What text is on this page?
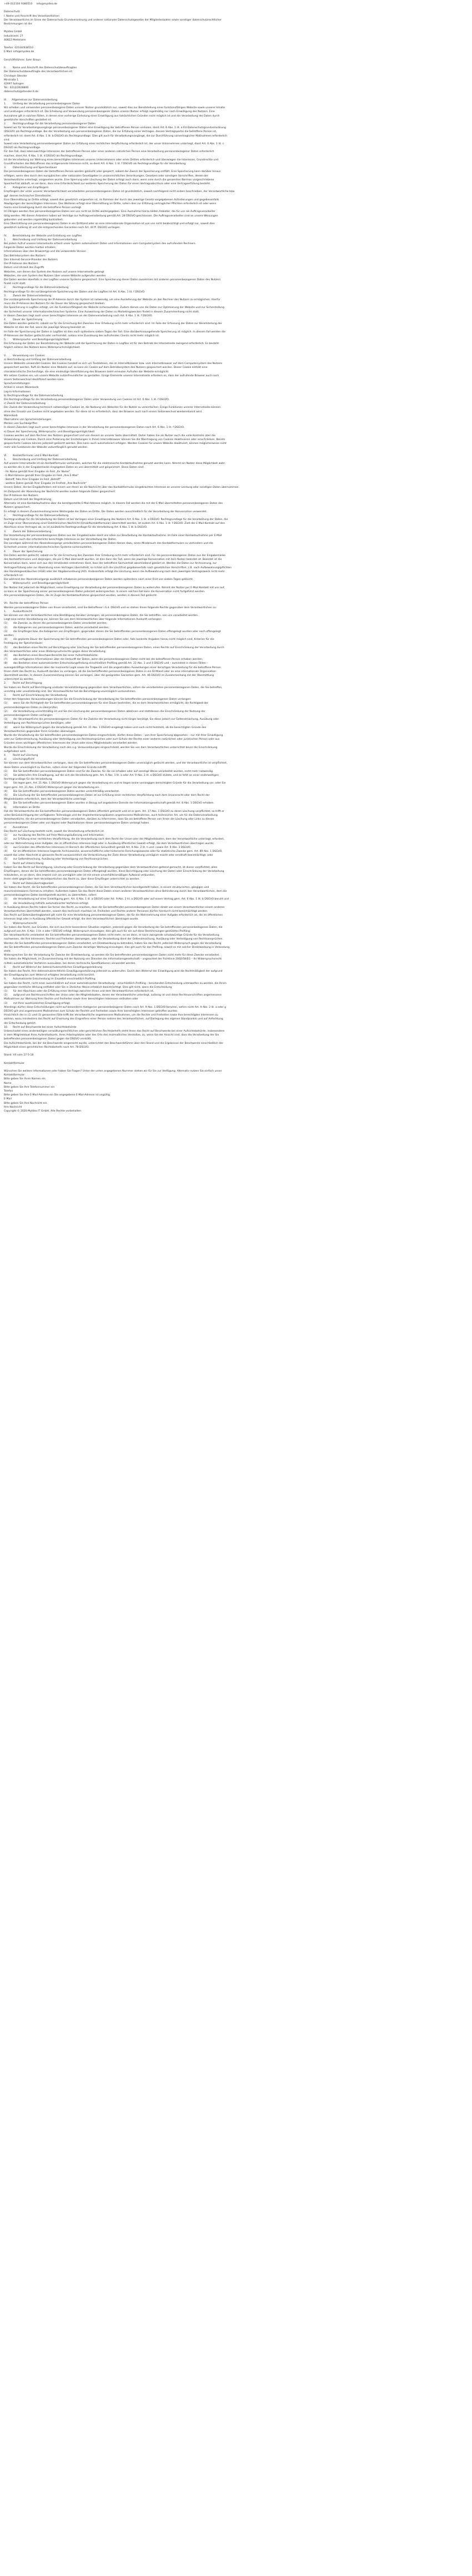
+49 (0)2104 9380510     info@myidea.de
Datenschutz
I. Name und Anschrift des Verantwortlichen
Der Verantwortliche im Sinne der Datenschutz-Grundverordnung und anderer nationaler Datenschutzgesetze der Mitgliedsstaaten sowie sonstiger datenschutzrechtlicher
Bestimmungen ist die:
MyIdea GmbH
Industriestr. 27
40822 Mettmann
Telefon: 02104/938510
E-Mail: info@myidea.de
Geschäftsführer: Sven Braun
II.        Name und Anschrift des Datenschutzbeauftragten
Der Datenschutzbeauftragte des Verantwortlichen ist:
Christoph Stender
Mirstraße 1
42697 Solingen
Tel.: 0212/2628800
datenschutz@stender-it.de
III.      Allgemeines zur Datenverarbeitung
1.        Umfang der Verarbeitung personenbezogener Daten
Wir erheben und verwenden personenbezogene Daten unserer Nutzer grundsätzlich nur, soweit dies zur Bereitstellung einer funktionsfähigen Website sowie unserer Inhalte
und Leistungen erforderlich ist. Die Erhebung und Verwendung personenbezogener Daten unserer Nutzer erfolgt regelmäßig nur nach Einwilligung des Nutzers. Eine
Ausnahme gilt in solchen Fällen, in denen eine vorherige Einholung einer Einwilligung aus tatsächlichen Gründen nicht möglich ist und die Verarbeitung der Daten durch
gesetzliche Vorschriften gestattet ist.
2.        Rechtsgrundlage für die Verarbeitung personenbezogener Daten
Soweit wir für Verarbeitungsvorgänge personenbezogener Daten eine Einwilligung der betroffenen Person einholen, dient Art. 6 Abs. 1 lit. a EU-Datenschutzgrundverordnung
(DSGVO) als Rechtsgrundlage. Bei der Verarbeitung von personenbezogenen Daten, die zur Erfüllung eines Vertrages, dessen Vertragspartei die betroffene Person ist,
erforderlich ist, dient Art. 6 Abs. 1 lit. b DSGVO als Rechtsgrundlage. Dies gilt auch für Verarbeitungsvorgänge, die zur Durchführung vorvertraglicher Maßnahmen erforderlich
sind.
Soweit eine Verarbeitung personenbezogener Daten zur Erfüllung einer rechtlichen Verpflichtung erforderlich ist, der unser Unternehmen unterliegt, dient Art. 6 Abs. 1 lit. c
DSGVO als Rechtsgrundlage.
Für den Fall, dass lebenswichtige Interessen der betroffenen Person oder einer anderen natürlichen Person eine Verarbeitung personenbezogener Daten erforderlich
machen, dient Art. 6 Abs. 1 lit. d DSGVO als Rechtsgrundlage.
Ist die Verarbeitung zur Wahrung eines berechtigten Interesses unseres Unternehmens oder eines Dritten erforderlich und überwiegen die Interessen, Grundrechte und
Grundfreiheiten des Betroffenen das erstgenannte Interesse nicht, so dient Art. 6 Abs. 1 lit. f DSGVO als Rechtsgrundlage für die Verarbeitung.
3.        Datenlöschung und Speicherdauer
Die personenbezogenen Daten der betroffenen Person werden gelöscht oder gesperrt, sobald der Zweck der Speicherung entfällt. Eine Speicherung kann darüber hinaus
erfolgen, wenn dies durch den europäischen oder nationalen Gesetzgeber in unionsrechtlichen Verordnungen, Gesetzen oder sonstigen Vorschriften, denen der
Verantwortliche unterliegt, vorgesehen wurde. Eine Sperrung oder Löschung der Daten erfolgt auch dann, wenn eine durch die genannten Normen vorgeschriebene
Speicherfrist abläuft, es sei denn, dass eine Erforderlichkeit zur weiteren Speicherung der Daten für einen Vertragsabschluss oder eine Vertragserfüllung besteht.
4.        Kategorien von Empfängern
Empfängern der unter unserer Verantwortlichkeit verarbeiteten personenbezogenen Daten ist grundsätzlich, soweit nachfolgend nicht anders beschrieben, der Verantwortliche bzw.
ggf. dessen technischer Dienstleister.
Eine Übermittlung an Dritte erfolgt, soweit dies gesetzlich vorgesehen ist, im Rahmen der durch das jeweilige Gesetz vorgegebenen Anforderungen und gegebenenfalls
Abwägungen der berechtigten Interessen. Des Weiteren erfolgt eine Übermittlung an Dritte, sofern dies zur Erfüllung vertraglicher Pflichten erforderlich ist oder wenn
hierzu eine Einwilligung durch die betroffene Person vorliegt.
Im Übrigen werden Ihre personenbezogenen Daten von uns nicht an Dritte weitergegeben. Eine Ausnahme hierzu bilden Anbieter, die für uns als Auftragsverarbeiter
tätig werden. Mit diesen Anbietern haben wir Verträge zur Auftragsverarbeitung gemäß Art. 28 DSGVO geschlossen. Die Auftragsverarbeiter sind an unsere Weisungen
gebunden und werden regelmäßig kontrolliert.
Eine Übermittlung von personenbezogenen Daten in ein Drittland oder an eine internationale Organisation ist von uns nicht beabsichtigt und erfolgt nur, soweit dies
gesetzlich zulässig ist und die entsprechenden Garantien nach Art. 44 ff. DSGVO vorliegen.
IV.       Bereitstellung der Website und Erstellung von Logfiles
1.        Beschreibung und Umfang der Datenverarbeitung
Bei jedem Aufruf unserer Internetseite erfasst unser System automatisiert Daten und Informationen vom Computersystem des aufrufenden Rechners.
Folgende Daten werden hierbei erhoben:
Informationen über den Browsertyp und die verwendete Version
Das Betriebssystem des Nutzers
Den Internet-Service-Provider des Nutzers
Die IP-Adresse des Nutzers
Datum und Uhrzeit des Zugriffs
Websites, von denen das System des Nutzers auf unsere Internetseite gelangt
Websites, die vom System des Nutzers über unsere Website aufgerufen werden
Die Daten werden ebenfalls in den Logfiles unseres Systems gespeichert. Eine Speicherung dieser Daten zusammen mit anderen personenbezogenen Daten des Nutzers
findet nicht statt.
2.        Rechtsgrundlage für die Datenverarbeitung
Rechtsgrundlage für die vorübergehende Speicherung der Daten und der Logfiles ist Art. 6 Abs. 1 lit. f DSGVO.
3.        Zweck der Datenverarbeitung
Die vorübergehende Speicherung der IP-Adresse durch das System ist notwendig, um eine Auslieferung der Website an den Rechner des Nutzers zu ermöglichen. Hierfür
muss die IP-Adresse des Nutzers für die Dauer der Sitzung gespeichert bleiben.
Die Speicherung in Logfiles erfolgt, um die Funktionsfähigkeit der Website sicherzustellen. Zudem dienen uns die Daten zur Optimierung der Website und zur Sicherstellung
der Sicherheit unserer informationstechnischen Systeme. Eine Auswertung der Daten zu Marketingzwecken findet in diesem Zusammenhang nicht statt.
In diesen Zwecken liegt auch unser berechtigtes Interesse an der Datenverarbeitung nach Art. 6 Abs. 1 lit. f DSGVO.
4.        Dauer der Speicherung
Die Daten werden gelöscht, sobald sie für die Erreichung des Zweckes ihrer Erhebung nicht mehr erforderlich sind. Im Falle der Erfassung der Daten zur Bereitstellung der
Website ist dies der Fall, wenn die jeweilige Sitzung beendet ist.
Im Falle der Speicherung der Daten in Logfiles ist dies nach spätestens sieben Tagen der Fall. Eine darüberhinausgehende Speicherung ist möglich. In diesem Fall werden die
IP-Adressen der Nutzer gelöscht oder verfremdet, sodass eine Zuordnung des aufrufenden Clients nicht mehr möglich ist.
5.        Widerspruchs- und Beseitigungsmöglichkeit
Die Erfassung der Daten zur Bereitstellung der Website und die Speicherung der Daten in Logfiles ist für den Betrieb der Internetseite zwingend erforderlich. Es besteht
folglich seitens des Nutzers keine Widerspruchsmöglichkeit.
V.        Verwendung von Cookies
a) Beschreibung und Umfang der Datenverarbeitung
Unsere Webseite verwendet Cookies. Bei Cookies handelt es sich um Textdateien, die im Internetbrowser bzw. vom Internetbrowser auf dem Computersystem des Nutzers
gespeichert werden. Ruft ein Nutzer eine Website auf, so kann ein Cookie auf dem Betriebssystem des Nutzers gespeichert werden. Dieser Cookie enthält eine
charakteristische Zeichenfolge, die eine eindeutige Identifizierung des Browsers beim erneuten Aufrufen der Website ermöglicht.
Wir setzen Cookies ein, um unsere Website nutzerfreundlicher zu gestalten. Einige Elemente unserer Internetseite erfordern es, dass der aufrufende Browser auch nach
einem Seitenwechsel identifiziert werden kann.
Spracheinstellungen
Artikel in einem Warenkorb
Log-In-Informationen
b) Rechtsgrundlage für die Datenverarbeitung
Die Rechtsgrundlage für die Verarbeitung personenbezogener Daten unter Verwendung von Cookies ist Art. 6 Abs. 1 lit. f DSGVO.
c) Zweck der Datenverarbeitung
Der Zweck der Verwendung technisch notwendiger Cookies ist, die Nutzung von Websites für die Nutzer zu vereinfachen. Einige Funktionen unserer Internetseite können
ohne den Einsatz von Cookies nicht angeboten werden. Für diese ist es erforderlich, dass der Browser auch nach einem Seitenwechsel wiedererkannt wird.
Warenkorb
Übernahme von Spracheinstellungen
Merken von Suchbegriffen
In diesen Zwecken liegt auch unser berechtigtes Interesse in der Verarbeitung der personenbezogenen Daten nach Art. 6 Abs. 1 lit. f DSGVO.
e) Dauer der Speicherung, Widerspruchs- und Beseitigungsmöglichkeit
Cookies werden auf dem Rechner des Nutzers gespeichert und von diesem an unserer Seite übermittelt. Daher haben Sie als Nutzer auch die volle Kontrolle über die
Verwendung von Cookies. Durch eine Änderung der Einstellungen in Ihrem Internetbrowser können Sie die Übertragung von Cookies deaktivieren oder einschränken. Bereits
gespeicherte Cookies können jederzeit gelöscht werden. Dies kann auch automatisiert erfolgen. Werden Cookies für unsere Website deaktiviert, können möglicherweise nicht
mehr alle Funktionen der Website vollumfänglich genutzt werden.
VI.       Kontaktformular und E-Mail-Kontakt
1.        Beschreibung und Umfang der Datenverarbeitung
Auf unserer Internetseite ist ein Kontaktformular vorhanden, welches für die elektronische Kontaktaufnahme genutzt werden kann. Nimmt ein Nutzer diese Möglichkeit wahr,
so werden die in der Eingabemaske eingegeben Daten an uns übermittelt und gespeichert. Diese Daten sind:
- Ihr Name gemäß Ihrer Eingabe im Feld „Ihr Name"
- E-Mail-Adresse gemäß Ihrer Eingabe im Feld „Ihre E-Mail"
- Betreff, falls Ihrer Eingabe im Feld „Betreff"
- weitere Daten gemäß Ihrer Eingabe im Freifeld „Ihre Nachricht"
Unsere Daten, die bei Eingabefeldern mit einem von Ihnen an die Nachricht über das Kontaktformular eingebrachten Interesse an unserer Leistung oder sonstigen Daten übernommen.
Im Zeitpunkt der Absendung der Nachricht werden zudem folgende Daten gespeichert:
Die IP-Adresse des Nutzers
Datum und Uhrzeit der Registrierung
Alternativ ist eine Kontaktaufnahme über die bereitgestellte E-Mail-Adresse möglich. In diesem Fall werden die mit der E-Mail übermittelten personenbezogenen Daten des
Nutzers gespeichert.
Es erfolgt in diesem Zusammenhang keine Weitergabe der Daten an Dritte. Die Daten werden ausschließlich für die Verarbeitung der Konversation verwendet.
2.        Rechtsgrundlage für die Datenverarbeitung
Rechtsgrundlage für die Verarbeitung der Daten ist bei Vorliegen einer Einwilligung des Nutzers Art. 6 Abs. 1 lit. a DSGVO. Rechtsgrundlage für die Verarbeitung der Daten, die
im Zuge einer Übersendung einer Elektronischen Nachricht (Email/Kontaktformular) übermittelt werden, ist zudem Art. 6 Abs. 1 lit. f DSGVO. Zielt der E-Mail-Kontakt auf den
Abschluss eines Vertrages ab, so ist zusätzliche Rechtsgrundlage für die Verarbeitung Art. 6 Abs. 1 lit. b DSGVO.
3.        Zweck der Datenverarbeitung
Die Verarbeitung der personenbezogenen Daten aus der Eingabemaske dient uns allein zur Bearbeitung der Kontaktaufnahme. Im Falle einer Kontaktaufnahme per E-Mail
liegt hieran auch das erforderliche berechtigte Interesse an der Verarbeitung der Daten.
Die sonstigen während des Absendevorgangs verarbeiteten personenbezogenen Daten dienen dazu, einen Missbrauch des Kontaktformulars zu verhindern und die
Sicherheit unserer informationstechnischen Systeme sicherzustellen.
4.        Dauer der Speicherung
Die Daten werden gelöscht, sobald sie für die Erreichung des Zweckes ihrer Erhebung nicht mehr erforderlich sind. Für die personenbezogenen Daten aus der Eingabemaske
des Kontaktformulars und diejenigen, die per E-Mail übersandt wurden, ist dies dann der Fall, wenn die jeweilige Konversation mit dem Nutzer beendet ist. Beendet ist die
Konversation dann, wenn sich aus den Umständen entnehmen lässt, dass der betroffene Sachverhalt abschließend geklärt ist. Werden die Daten zur Archivierung, zur
Vertragserfüllung oder zur Abwicklung eines Vertrages übermittelt, so richtet sich die Löschfrist gegebenenfalls nach gesetzlichen Vorschriften, z.B. nach Aufbewahrungspflichten
des Handelsgesetzbuches (HGB) oder der Abgabenordnung (AO). Anderenfalls erfolgt die Löschung, wenn die Aufbewahrung nach dem jeweiligen Vertragszweck nicht mehr
erforderlich ist.
Die während des Absendevorgangs zusätzlich erhobenen personenbezogenen Daten werden spätestens nach einer Frist von sieben Tagen gelöscht.
5.        Widerspruchs- und Beseitigungsmöglichkeit
Der Nutzer hat jederzeit die Möglichkeit, seine Einwilligung zur Verarbeitung der personenbezogenen Daten zu widerrufen. Nimmt der Nutzer per E-Mail Kontakt mit uns auf,
so kann er der Speicherung seiner personenbezogenen Daten jederzeit widersprechen. In einem solchen Fall kann die Konversation nicht fortgeführt werden.
Alle personenbezogenen Daten, die im Zuge der Kontaktaufnahme gespeichert wurden, werden in diesem Fall gelöscht.
VII.  Rechte der betroffenen Person
Werden personenbezogene Daten von Ihnen verarbeitet, sind Sie Betroffener i.S.d. DSGVO und es stehen Ihnen folgende Rechte gegenüber dem Verantwortlichen zu:
1.        Auskunftsrecht
Sie können von dem Verantwortlichen eine Bestätigung darüber verlangen, ob personenbezogene Daten, die Sie betreffen, von uns verarbeitet werden.
Liegt eine solche Verarbeitung vor, können Sie von dem Verantwortlichen über folgende Informationen Auskunft verlangen:
(1)       die Zwecke, zu denen die personenbezogenen Daten verarbeitet werden;
(2)       die Kategorien von personenbezogenen Daten, welche verarbeitet werden;
(3)       die Empfänger bzw. die Kategorien von Empfängern, gegenüber denen die Sie betreffenden personenbezogenen Daten offengelegt wurden oder noch offengelegt
werden;
(4)       die geplante Dauer der Speicherung der Sie betreffenden personenbezogenen Daten oder, falls konkrete Angaben hierzu nicht möglich sind, Kriterien für die
Festlegung der Speicherdauer;
(5)       das Bestehen eines Rechts auf Berichtigung oder Löschung der Sie betreffenden personenbezogenen Daten, eines Rechts auf Einschränkung der Verarbeitung durch
den Verantwortlichen oder eines Widerspruchsrechts gegen diese Verarbeitung;
(6)       das Bestehen eines Beschwerderechts bei einer Aufsichtsbehörde;
(7)       alle verfügbaren Informationen über die Herkunft der Daten, wenn die personenbezogenen Daten nicht bei der betroffenen Person erhoben werden;
(8)       das Bestehen einer automatisierten Entscheidungsfindung einschließlich Profiling gemäß Art. 22 Abs. 1 und 4 DSGVO und – zumindest in diesen Fällen –
aussagekräftige Informationen über die involvierte Logik sowie die Tragweite und die angestrebten Auswirkungen einer derartigen Verarbeitung für die betroffene Person.
Ihnen steht das Recht zu, Auskunft darüber zu verlangen, ob die Sie betreffenden personenbezogenen Daten in ein Drittland oder an eine internationale Organisation
übermittelt werden. In diesem Zusammenhang können Sie verlangen, über die geeigneten Garantien gem. Art. 46 DSGVO im Zusammenhang mit der Übermittlung
unterrichtet zu werden.
2.        Recht auf Berichtigung
Sie haben ein Recht auf Berichtigung und/oder Vervollständigung gegenüber dem Verantwortlichen, sofern die verarbeiteten personenbezogenen Daten, die Sie betreffen,
unrichtig oder unvollständig sind. Der Verantwortliche hat die Berichtigung unverzüglich vorzunehmen.
3.        Recht auf Einschränkung der Verarbeitung
Unter den folgenden Voraussetzungen können Sie die Einschränkung der Verarbeitung der Sie betreffenden personenbezogenen Daten verlangen:
(1)       wenn Sie die Richtigkeit der Sie betreffenden personenbezogenen für eine Dauer bestreiten, die es dem Verantwortlichen ermöglicht, die Richtigkeit der
personenbezogenen Daten zu überprüfen;
(2)       die Verarbeitung unrechtmäßig ist und Sie die Löschung der personenbezogenen Daten ablehnen und stattdessen die Einschränkung der Nutzung der
personenbezogenen Daten verlangen;
(3)       der Verantwortliche die personenbezogenen Daten für die Zwecke der Verarbeitung nicht länger benötigt, Sie diese jedoch zur Geltendmachung, Ausübung oder
Verteidigung von Rechtsansprüchen benötigen, oder
(4)       wenn Sie Widerspruch gegen die Verarbeitung gemäß Art. 21 Abs. 1 DSGVO eingelegt haben und noch nicht feststeht, ob die berechtigten Gründe des
Verantwortlichen gegenüber Ihren Gründen überwiegen.
Wurde die Verarbeitung der Sie betreffenden personenbezogenen Daten eingeschränkt, dürfen diese Daten – von ihrer Speicherung abgesehen – nur mit Ihrer Einwilligung
oder zur Geltendmachung, Ausübung oder Verteidigung von Rechtsansprüchen oder zum Schutz der Rechte einer anderen natürlichen oder juristischen Person oder aus
Gründen eines wichtigen öffentlichen Interesses der Union oder eines Mitgliedstaats verarbeitet werden.
Wurde die Einschränkung der Verarbeitung nach den o.g. Voraussetzungen eingeschränkt, werden Sie von dem Verantwortlichen unterrichtet bevor die Einschränkung
aufgehoben wird.
4.        Recht auf Löschung
a)        Löschungspflicht
Sie können von dem Verantwortlichen verlangen, dass die Sie betreffenden personenbezogenen Daten unverzüglich gelöscht werden, und der Verantwortliche ist verpflichtet,
diese Daten unverzüglich zu löschen, sofern einer der folgenden Gründe zutrifft:
(1)       Die Sie betreffenden personenbezogenen Daten sind für die Zwecke, für die sie erhoben oder auf sonstige Weise verarbeitet wurden, nicht mehr notwendig.
(2)       Sie widerrufen Ihre Einwilligung, auf die sich die Verarbeitung gem. Art. 6 Abs. 1 lit. a oder Art. 9 Abs. 2 lit. a DSGVO stützte, und es fehlt an einer anderweitigen
Rechtsgrundlage für die Verarbeitung.
(3)       Sie legen gem. Art. 21 Abs. 1 DSGVO Widerspruch gegen die Verarbeitung ein und es liegen keine vorrangigen berechtigten Gründe für die Verarbeitung vor, oder Sie
legen gem. Art. 21 Abs. 2 DSGVO Widerspruch gegen die Verarbeitung ein.
(4)       Die Sie betreffenden personenbezogenen Daten wurden unrechtmäßig verarbeitet.
(5)       Die Löschung der Sie betreffenden personenbezogenen Daten ist zur Erfüllung einer rechtlichen Verpflichtung nach dem Unionsrecht oder dem Recht der
Mitgliedstaaten erforderlich, dem der Verantwortliche unterliegt.
(6)       Die Sie betreffenden personenbezogenen Daten wurden in Bezug auf angebotene Dienste der Informationsgesellschaft gemäß Art. 8 Abs. 1 DSGVO erhoben.
b)        Information an Dritte
Hat der Verantwortliche die Sie betreffenden personenbezogenen Daten öffentlich gemacht und ist er gem. Art. 17 Abs. 1 DSGVO zu deren Löschung verpflichtet, so trifft er
unter Berücksichtigung der verfügbaren Technologie und der Implementierungskosten angemessene Maßnahmen, auch technischer Art, um für die Datenverarbeitung
Verantwortliche, die die personenbezogenen Daten verarbeiten, darüber zu informieren, dass Sie als betroffene Person von ihnen die Löschung aller Links zu diesen
personenbezogenen Daten oder von Kopien oder Replikationen dieser personenbezogenen Daten verlangt haben.
c)        Ausnahmen
Das Recht auf Löschung besteht nicht, soweit die Verarbeitung erforderlich ist
(1)       zur Ausübung des Rechts auf freie Meinungsäußerung und Information;
(2)       zur Erfüllung einer rechtlichen Verpflichtung, die die Verarbeitung nach dem Recht der Union oder der Mitgliedstaaten, dem der Verantwortliche unterliegt, erfordert,
oder zur Wahrnehmung einer Aufgabe, die im öffentlichen Interesse liegt oder in Ausübung öffentlicher Gewalt erfolgt, die dem Verantwortlichen übertragen wurde;
(3)       aus Gründen des öffentlichen Interesses im Bereich der öffentlichen Gesundheit gemäß Art. 9 Abs. 2 lit. h und i sowie Art. 9 Abs. 3 DSGVO;
(4)       für im öffentlichen Interesse liegende Archivzwecke, wissenschaftliche oder historische Forschungszwecke oder für statistische Zwecke gem. Art. 89 Abs. 1 DSGVO,
soweit das unter Abschnitt a) genannte Recht voraussichtlich die Verwirklichung der Ziele dieser Verarbeitung unmöglich macht oder ernsthaft beeinträchtigt, oder
(5)       zur Geltendmachung, Ausübung oder Verteidigung von Rechtsansprüchen.
5.        Recht auf Unterrichtung
Haben Sie das Recht auf Berichtigung, Löschung oder Einschränkung der Verarbeitung gegenüber dem Verantwortlichen geltend gemacht, ist dieser verpflichtet, allen
Empfängern, denen die Sie betreffenden personenbezogenen Daten offengelegt wurden, diese Berichtigung oder Löschung der Daten oder Einschränkung der Verarbeitung
mitzuteilen, es sei denn, dies erweist sich als unmöglich oder ist mit einem unverhältnismäßigen Aufwand verbunden.
Ihnen steht gegenüber dem Verantwortlichen das Recht zu, über diese Empfänger unterrichtet zu werden.
6.        Recht auf Datenübertragbarkeit
Sie haben das Recht, die Sie betreffenden personenbezogenen Daten, die Sie dem Verantwortlichen bereitgestellt haben, in einem strukturierten, gängigen und
maschinenlesbaren Format zu erhalten. Außerdem haben Sie das Recht diese Daten einem anderen Verantwortlichen ohne Behinderung durch den Verantwortlichen, dem die
personenbezogenen Daten bereitgestellt wurden, zu übermitteln, sofern
(1)       die Verarbeitung auf einer Einwilligung gem. Art. 6 Abs. 1 lit. a DSGVO oder Art. 9 Abs. 2 lit. a DSGVO oder auf einem Vertrag gem. Art. 6 Abs. 1 lit. b DSGVO beruht und
(2)       die Verarbeitung mithilfe automatisierter Verfahren erfolgt.
In Ausübung dieses Rechts haben Sie ferner das Recht, zu erwirken, dass die Sie betreffenden personenbezogenen Daten direkt von einem Verantwortlichen einem anderen
Verantwortlichen übermittelt werden, soweit dies technisch machbar ist. Freiheiten und Rechte anderer Personen dürfen hierdurch nicht beeinträchtigt werden.
Das Recht auf Datenübertragbarkeit gilt nicht für eine Verarbeitung personenbezogener Daten, die für die Wahrnehmung einer Aufgabe erforderlich ist, die im öffentlichen
Interesse liegt oder in Ausübung öffentlicher Gewalt erfolgt, die dem Verantwortlichen übertragen wurde.
7.        Widerspruchsrecht
Sie haben das Recht, aus Gründen, die sich aus Ihrer besonderen Situation ergeben, jederzeit gegen die Verarbeitung der Sie betreffenden personenbezogenen Daten, die
aufgrund von Art. 6 Abs. 1 lit. e oder f DSGVO erfolgt, Widerspruch einzulegen; dies gilt auch für ein auf diese Bestimmungen gestütztes Profiling.
Der Verantwortliche verarbeitet die Sie betreffenden personenbezogenen Daten nicht mehr, es sei denn, er kann zwingende schutzwürdige Gründe für die Verarbeitung
nachweisen, die Ihre Interessen, Rechte und Freiheiten überwiegen, oder die Verarbeitung dient der Geltendmachung, Ausübung oder Verteidigung von Rechtsansprüchen.
Werden die Sie betreffenden personenbezogenen Daten verarbeitet, um Direktwerbung zu betreiben, haben Sie das Recht, jederzeit Widerspruch gegen die Verarbeitung
der Sie betreffenden personenbezogenen Daten zum Zwecke derartiger Werbung einzulegen; dies gilt auch für das Profiling, soweit es mit solcher Direktwerbung in Verbindung
steht.
Widersprechen Sie der Verarbeitung für Zwecke der Direktwerbung, so werden die Sie betreffenden personenbezogenen Daten nicht mehr für diese Zwecke verarbeitet.
Sie haben die Möglichkeit, im Zusammenhang mit der Nutzung von Diensten der Informationsgesellschaft – ungeachtet der Richtlinie 2002/58/EG – Ihr Widerspruchsrecht
mittels automatisierter Verfahren auszuüben, bei denen technische Spezifikationen verwendet werden.
8.        Recht auf Widerruf der datenschutzrechtlichen Einwilligungserklärung
Sie haben das Recht, Ihre datenschutzrechtliche Einwilligungserklärung jederzeit zu widerrufen. Durch den Widerruf der Einwilligung wird die Rechtmäßigkeit der aufgrund
der Einwilligung bis zum Widerruf erfolgten Verarbeitung nicht berührt.
9.        Automatisierte Entscheidung im Einzelfall einschließlich Profiling
Sie haben das Recht, nicht einer ausschließlich auf einer automatisierten Verarbeitung – einschließlich Profiling – beruhenden Entscheidung unterworfen zu werden, die Ihnen
gegenüber rechtliche Wirkung entfaltet oder Sie in ähnlicher Weise erheblich beeinträchtigt. Dies gilt nicht, wenn die Entscheidung
(1)       für den Abschluss oder die Erfüllung eines Vertrags zwischen Ihnen und dem Verantwortlichen erforderlich ist,
(2)       aufgrund von Rechtsvorschriften der Union oder der Mitgliedstaaten, denen der Verantwortliche unterliegt, zulässig ist und diese Rechtsvorschriften angemessene
Maßnahmen zur Wahrung Ihrer Rechte und Freiheiten sowie Ihrer berechtigten Interessen enthalten oder
(3)       mit Ihrer ausdrücklichen Einwilligung erfolgt.
Allerdings dürfen diese Entscheidungen nicht auf besonderen Kategorien personenbezogener Daten nach Art. 9 Abs. 1 DSGVO beruhen, sofern nicht Art. 9 Abs. 2 lit. a oder g
DSGVO gilt und angemessene Maßnahmen zum Schutz der Rechte und Freiheiten sowie Ihrer berechtigten Interessen getroffen wurden.
Hinsichtlich der in (1) und (3) genannten Fälle trifft der Verantwortliche angemessene Maßnahmen, um die Rechte und Freiheiten sowie Ihre berechtigten Interessen zu
wahren, wozu mindestens das Recht auf Erwirkung des Eingreifens einer Person seitens des Verantwortlichen, auf Darlegung des eigenen Standpunkts und auf Anfechtung
der Entscheidung gehört.
10.      Recht auf Beschwerde bei einer Aufsichtsbehörde
Unbeschadet eines anderweitigen verwaltungsrechtlichen oder gerichtlichen Rechtsbehelfs steht Ihnen das Recht auf Beschwerde bei einer Aufsichtsbehörde, insbesondere
in dem Mitgliedstaat Ihres Aufenthaltsorts, Ihres Arbeitsplatzes oder des Orts des mutmaßlichen Verstoßes, zu, wenn Sie der Ansicht sind, dass die Verarbeitung der Sie
betreffenden personenbezogenen Daten gegen die DSGVO verstößt.
Die Aufsichtsbehörde, bei der die Beschwerde eingereicht wurde, unterrichtet den Beschwerdeführer über den Stand und die Ergebnisse der Beschwerde einschließlich der
Möglichkeit eines gerichtlichen Rechtsbehelfs nach Art. 78 DSGVO.
Stand: V4 vom 27-5-18
Kontaktformular
Wünschen Sie weitere Informationen oder haben Sie Fragen? Unter der unten angegebenen Nummer stehen wir für Sie zur Verfügung. Alternativ nutzen Sie einfach unser
Kontaktformular:
Bitte geben Sie Ihren Namen ein
Name
Bitte geben Sie Ihre Telefonnummer ein
Telefon
Bitte geben Sie Ihre E-Mail-Adresse ein Die angegebene E-Mail-Adresse ist ungültig
E-Mail
Bitte geben Sie Ihre Nachricht ein
Ihre Nachricht
Copyright © 2020 MyIdea IT GmbH, Alle Rechte vorbehalten
